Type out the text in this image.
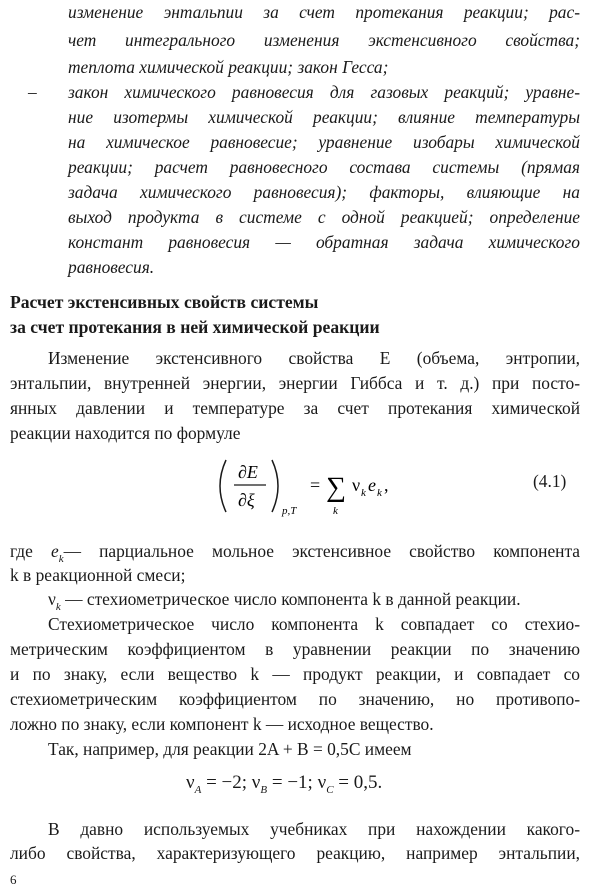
изменение энтальпии за счет протекания реакции; рас-
чет интегрального изменения экстенсивного свойства;
теплота химической реакции; закон Гесса;
– закон химического равновесия для газовых реакций; уравне-
ние изотермы химической реакции; влияние температуры
на химическое равновесие; уравнение изобары химической
реакции; расчет равновесного состава системы (прямая
задача химического равновесия); факторы, влияющие на
выход продукта в системе с одной реакцией; определение
констант равновесия — обратная задача химического
равновесия.
Расчет экстенсивных свойств системы
за счет протекания в ней химической реакции
Изменение экстенсивного свойства E (объема, энтропии,
энтальпии, внутренней энергии, энергии Гиббса и т. д.) при посто-
янных давлении и температуре за счет протекания химической
реакции находится по формуле
∂E
∂ξ
p,T
= ∑
k
ν k e k ,	(4.1)
где $e_k—$ парциальное мольное экстенсивное свойство компонента
k в реакционной смеси;
$\nu_k$ — стехиометрическое число компонента k в данной реакции.
Стехиометрическое число компонента k совпадает со стехио-
метрическим коэффициентом в уравнении реакции по значению
и по знаку, если вещество k — продукт реакции, и совпадает со
стехиометрическим коэффициентом по значению, но противопо-
ложно по знаку, если компонент k — исходное вещество.
Так, например, для реакции 2A + B = 0,5C имеем
$\nu_A = -2$; $\nu_B = -1$; $\nu_C = 0,5$.
В давно используемых учебниках при нахождении какого-
либо свойства, характеризующего реакцию, например энтальпии,
6
